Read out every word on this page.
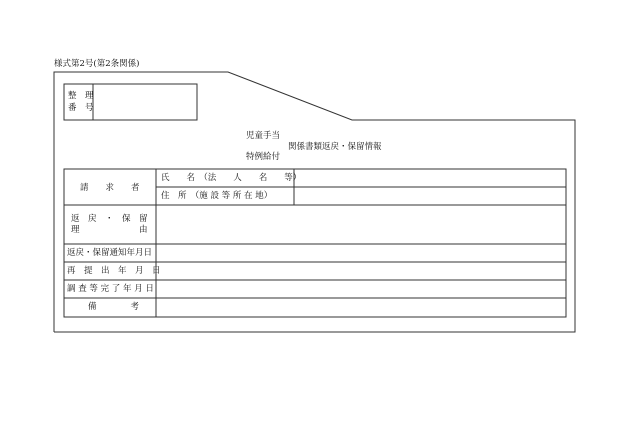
様式第2号(第2条関係)
整　理
番　号
児童手当
特例給付
関係書類返戻・保留情報
請　　求　　者
氏　　名　（法　　人　　名　　等）
住　所　（施 設 等 所 在 地）
返　戻　・　保　留
理　　　　　　　由
返戻・保留通知年月日
再　提　出　年　月　日
調 査 等 完 了 年 月 日
備　　　　考
